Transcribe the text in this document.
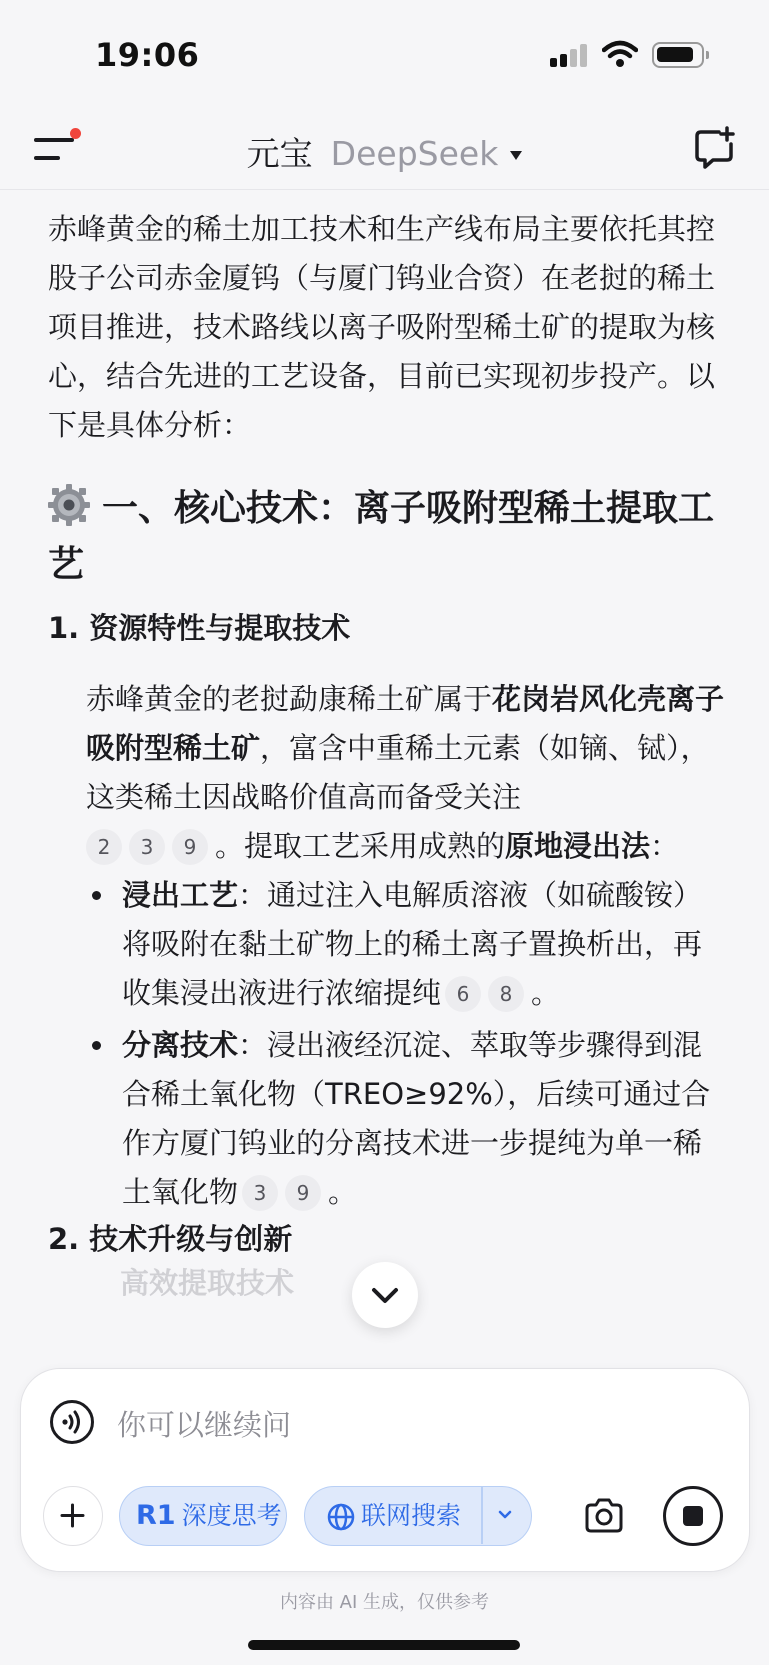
19:06
元宝 DeepSeek
赤峰黄金的稀土加工技术和生产线布局主要依托其控股子公司赤金厦钨（与厦门钨业合资）在老挝的稀土项目推进，技术路线以离子吸附型稀土矿的提取为核心，结合先进的工艺设备，目前已实现初步投产。以下是具体分析：
一、核心技术：离子吸附型稀土提取工艺
1. 资源特性与提取技术
赤峰黄金的老挝勐康稀土矿属于花岗岩风化壳离子吸附型稀土矿，富含中重稀土元素（如镝、铽），这类稀土因战略价值高而备受关注
2 3 9 。提取工艺采用成熟的原地浸出法：
浸出工艺：通过注入电解质溶液（如硫酸铵）将吸附在黏土矿物上的稀土离子置换析出，再收集浸出液进行浓缩提纯 6 8 。
分离技术：浸出液经沉淀、萃取等步骤得到混合稀土氧化物（TREO≥92%），后续可通过合作方厦门钨业的分离技术进一步提纯为单一稀土氧化物 3 9 。
2. 技术升级与创新
高效提取技术
你可以继续问
R1 深度思考	联网搜索
内容由 AI 生成，仅供参考
